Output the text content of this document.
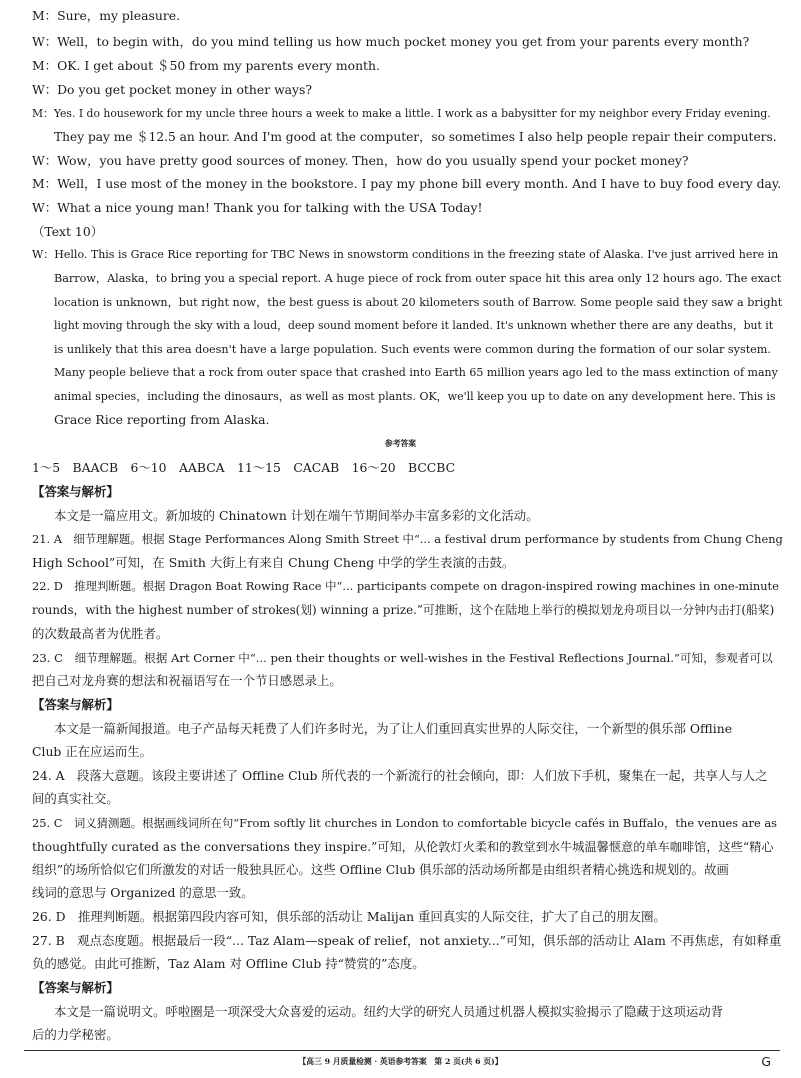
M：Sure，my pleasure.
W：Well，to begin with，do you mind telling us how much pocket money you get from your parents every month?
M：OK. I get about ＄50 from my parents every month.
W：Do you get pocket money in other ways?
M：Yes. I do housework for my uncle three hours a week to make a little. I work as a babysitter for my neighbor every Friday evening.
They pay me ＄12.5 an hour. And I'm good at the computer，so sometimes I also help people repair their computers.
W：Wow，you have pretty good sources of money. Then，how do you usually spend your pocket money?
M：Well，I use most of the money in the bookstore. I pay my phone bill every month. And I have to buy food every day.
W：What a nice young man! Thank you for talking with the USA Today!
（Text 10）
W：Hello. This is Grace Rice reporting for TBC News in snowstorm conditions in the freezing state of Alaska. I've just arrived here in
Barrow，Alaska，to bring you a special report. A huge piece of rock from outer space hit this area only 12 hours ago. The exact
location is unknown，but right now，the best guess is about 20 kilometers south of Barrow. Some people said they saw a bright
light moving through the sky with a loud，deep sound moment before it landed. It's unknown whether there are any deaths，but it
is unlikely that this area doesn't have a large population. Such events were common during the formation of our solar system.
Many people believe that a rock from outer space that crashed into Earth 65 million years ago led to the mass extinction of many
animal species，including the dinosaurs，as well as most plants. OK，we'll keep you up to date on any development here. This is
Grace Rice reporting from Alaska.
参考答案
1～5　BAACB　6～10　AABCA　11～15　CACAB　16～20　BCCBC
【答案与解析】
本文是一篇应用文。新加坡的 Chinatown 计划在端午节期间举办丰富多彩的文化活动。
21. A　细节理解题。根据 Stage Performances Along Smith Street 中“... a festival drum performance by students from Chung Cheng
High School”可知，在 Smith 大街上有来自 Chung Cheng 中学的学生表演的击鼓。
22. D　推理判断题。根据 Dragon Boat Rowing Race 中“... participants compete on dragon-inspired rowing machines in one-minute
rounds，with the highest number of strokes(划) winning a prize.”可推断，这个在陆地上举行的模拟划龙舟项目以一分钟内击打(船桨)
的次数最高者为优胜者。
23. C　细节理解题。根据 Art Corner 中“... pen their thoughts or well-wishes in the Festival Reflections Journal.”可知，参观者可以
把自己对龙舟赛的想法和祝福语写在一个节日感恩录上。
【答案与解析】
本文是一篇新闻报道。电子产品每天耗费了人们许多时光，为了让人们重回真实世界的人际交往，一个新型的俱乐部 Offline
Club 正在应运而生。
24. A　段落大意题。该段主要讲述了 Offline Club 所代表的一个新流行的社会倾向，即：人们放下手机，聚集在一起，共享人与人之
间的真实社交。
25. C　词义猜测题。根据画线词所在句“From softly lit churches in London to comfortable bicycle cafés in Buffalo，the venues are as
thoughtfully curated as the conversations they inspire.”可知，从伦敦灯火柔和的教堂到水牛城温馨惬意的单车咖啡馆，这些“精心
组织”的场所恰似它们所激发的对话一般独具匠心。这些 Offline Club 俱乐部的活动场所都是由组织者精心挑选和规划的。故画
线词的意思与 Organized 的意思一致。
26. D　推理判断题。根据第四段内容可知，俱乐部的活动让 Malijan 重回真实的人际交往，扩大了自己的朋友圈。
27. B　观点态度题。根据最后一段“... Taz Alam—speak of relief，not anxiety...”可知，俱乐部的活动让 Alam 不再焦虑，有如释重
负的感觉。由此可推断，Taz Alam 对 Offline Club 持“赞赏的”态度。
【答案与解析】
本文是一篇说明文。呼啦圈是一项深受大众喜爱的运动。纽约大学的研究人员通过机器人模拟实验揭示了隐藏于这项运动背
后的力学秘密。
【高三 9 月质量检测 · 英语参考答案　第 2 页(共 6 页)】	G
